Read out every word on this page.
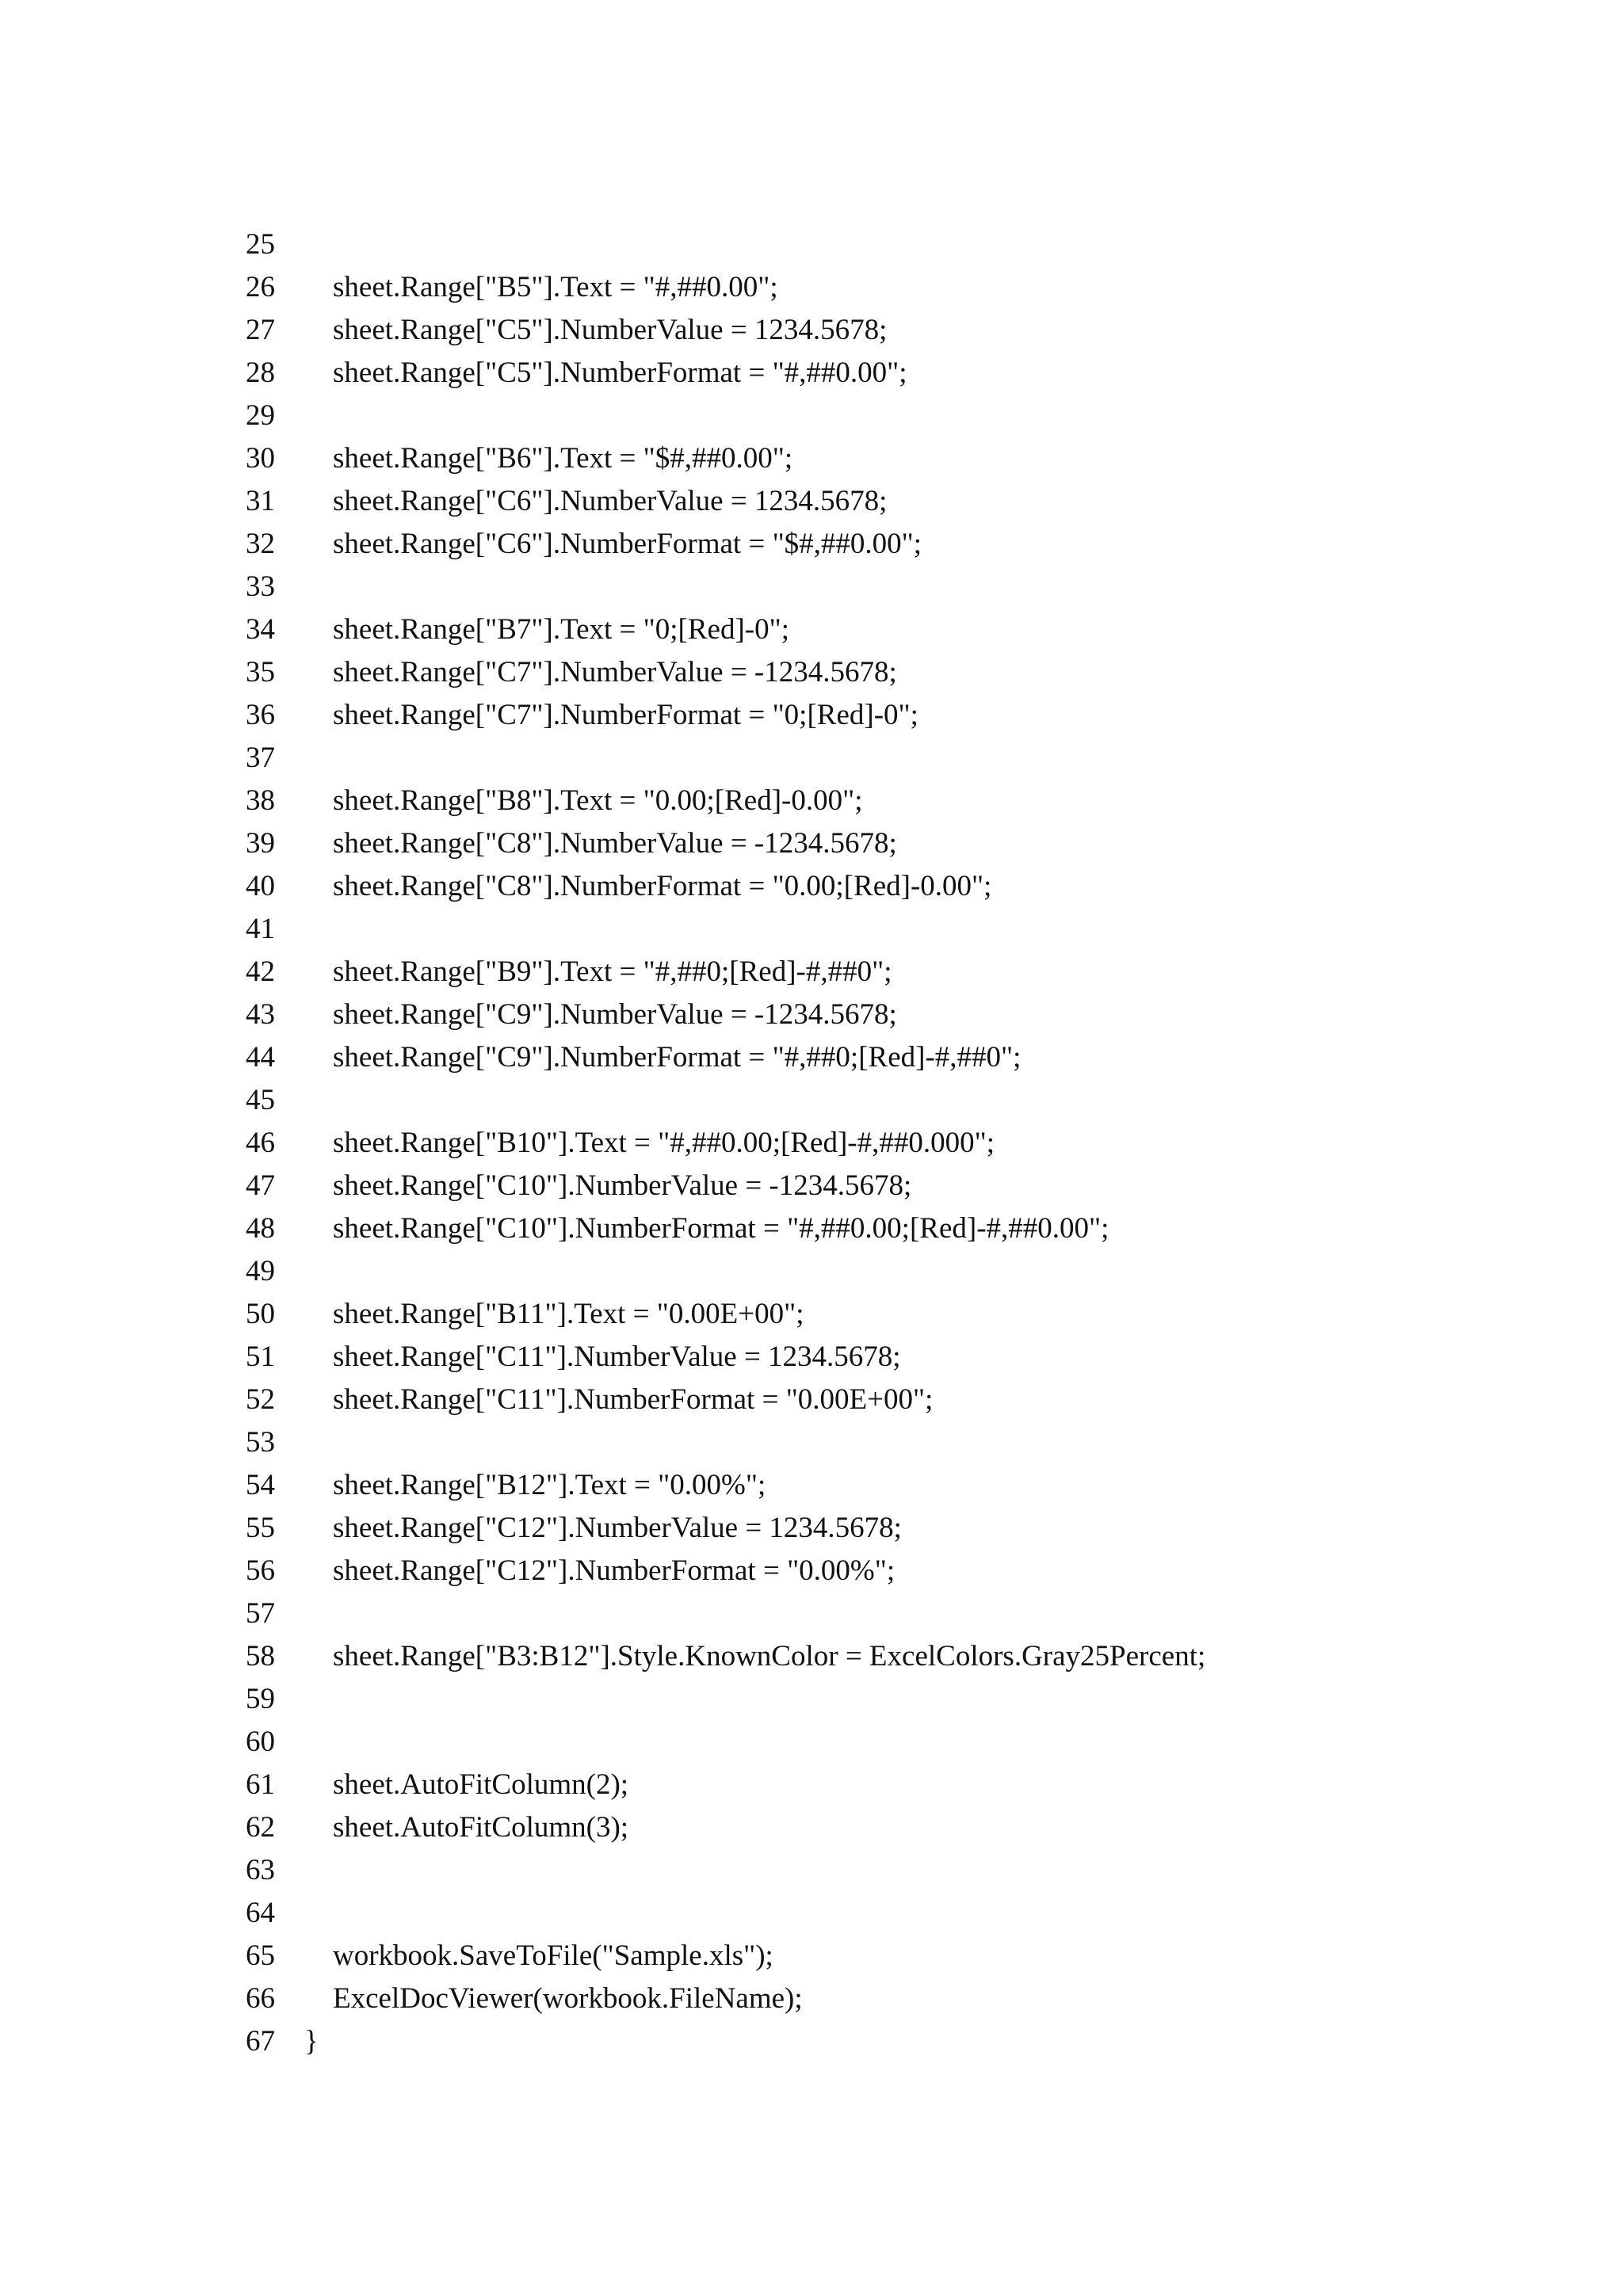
25
26 sheet.Range["B5"].Text = "#,##0.00";
27 sheet.Range["C5"].NumberValue = 1234.5678;
28 sheet.Range["C5"].NumberFormat = "#,##0.00";
29
30 sheet.Range["B6"].Text = "$#,##0.00";
31 sheet.Range["C6"].NumberValue = 1234.5678;
32 sheet.Range["C6"].NumberFormat = "$#,##0.00";
33
34 sheet.Range["B7"].Text = "0;[Red]-0";
35 sheet.Range["C7"].NumberValue = -1234.5678;
36 sheet.Range["C7"].NumberFormat = "0;[Red]-0";
37
38 sheet.Range["B8"].Text = "0.00;[Red]-0.00";
39 sheet.Range["C8"].NumberValue = -1234.5678;
40 sheet.Range["C8"].NumberFormat = "0.00;[Red]-0.00";
41
42 sheet.Range["B9"].Text = "#,##0;[Red]-#,##0";
43 sheet.Range["C9"].NumberValue = -1234.5678;
44 sheet.Range["C9"].NumberFormat = "#,##0;[Red]-#,##0";
45
46 sheet.Range["B10"].Text = "#,##0.00;[Red]-#,##0.000";
47 sheet.Range["C10"].NumberValue = -1234.5678;
48 sheet.Range["C10"].NumberFormat = "#,##0.00;[Red]-#,##0.00";
49
50 sheet.Range["B11"].Text = "0.00E+00";
51 sheet.Range["C11"].NumberValue = 1234.5678;
52 sheet.Range["C11"].NumberFormat = "0.00E+00";
53
54 sheet.Range["B12"].Text = "0.00%";
55 sheet.Range["C12"].NumberValue = 1234.5678;
56 sheet.Range["C12"].NumberFormat = "0.00%";
57
58 sheet.Range["B3:B12"].Style.KnownColor = ExcelColors.Gray25Percent;
59
60
61 sheet.AutoFitColumn(2);
62 sheet.AutoFitColumn(3);
63
64
65 workbook.SaveToFile("Sample.xls");
66 ExcelDocViewer(workbook.FileName);
67 }
